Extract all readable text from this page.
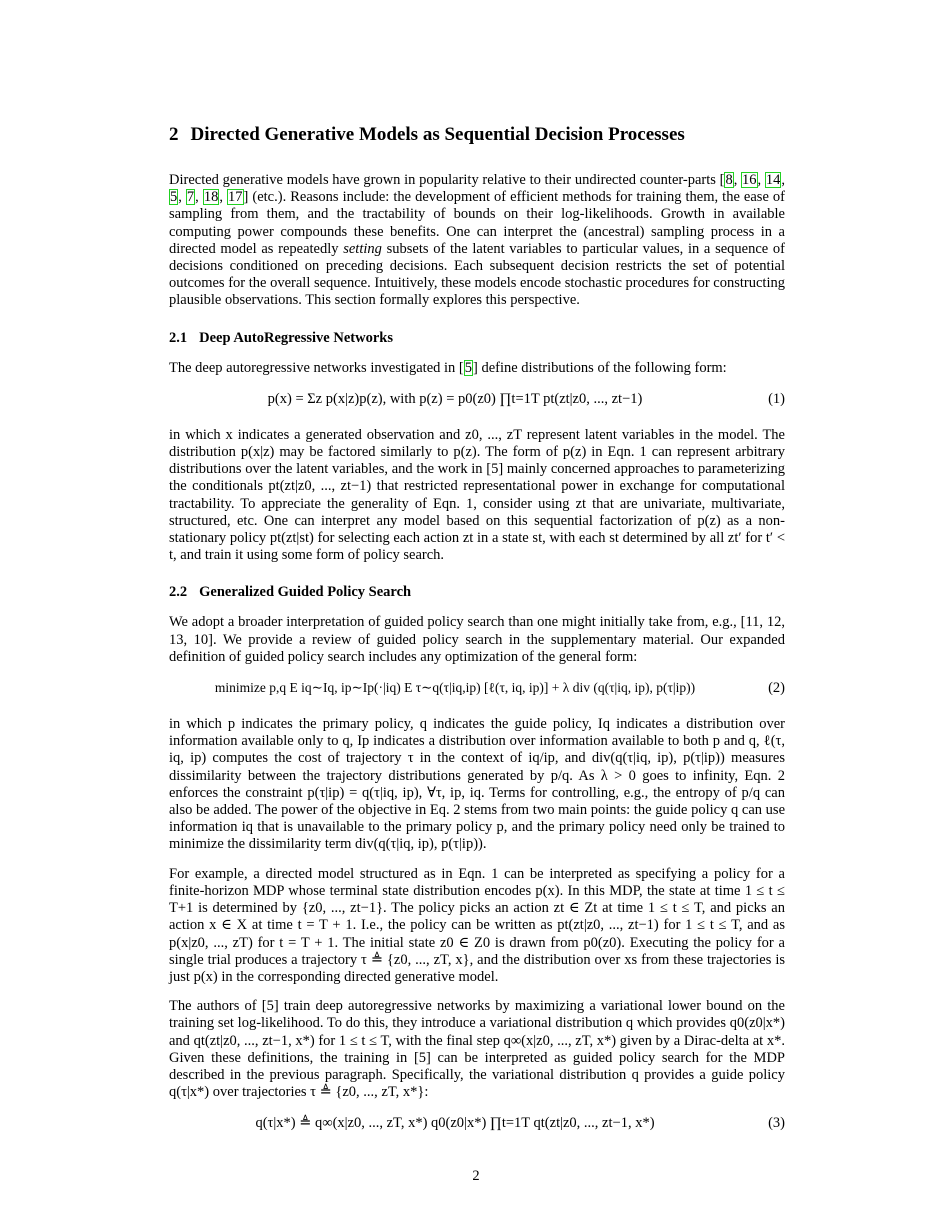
2 Directed Generative Models as Sequential Decision Processes

Directed generative models have grown in popularity relative to their undirected counter-parts [8, 16, 14, 5, 7, 18, 17] (etc.). Reasons include: the development of efficient methods for training them, the ease of sampling from them, and the tractability of bounds on their log-likelihoods. Growth in available computing power compounds these benefits. One can interpret the (ancestral) sampling process in a directed model as repeatedly setting subsets of the latent variables to particular values, in a sequence of decisions conditioned on preceding decisions. Each subsequent decision restricts the set of potential outcomes for the overall sequence. Intuitively, these models encode stochastic procedures for constructing plausible observations. This section formally explores this perspective.

2.1 Deep AutoRegressive Networks

The deep autoregressive networks investigated in [5] define distributions of the following form:

p(x) = Σz p(x|z)p(z), with p(z) = p0(z0) ∏t=1T pt(zt|z0, ..., zt−1)	(1)

in which x indicates a generated observation and z0, ..., zT represent latent variables in the model. The distribution p(x|z) may be factored similarly to p(z). The form of p(z) in Eqn. 1 can represent arbitrary distributions over the latent variables, and the work in [5] mainly concerned approaches to parameterizing the conditionals pt(zt|z0, ..., zt−1) that restricted representational power in exchange for computational tractability. To appreciate the generality of Eqn. 1, consider using zt that are univariate, multivariate, structured, etc. One can interpret any model based on this sequential factorization of p(z) as a non-stationary policy pt(zt|st) for selecting each action zt in a state st, with each st determined by all zt′ for t′ < t, and train it using some form of policy search.

2.2 Generalized Guided Policy Search

We adopt a broader interpretation of guided policy search than one might initially take from, e.g., [11, 12, 13, 10]. We provide a review of guided policy search in the supplementary material. Our expanded definition of guided policy search includes any optimization of the general form:

minimize p,q E iq∼Iq, ip∼Ip(·|iq) E τ∼q(τ|iq,ip) [ℓ(τ, iq, ip)] + λ div (q(τ|iq, ip), p(τ|ip))	(2)

in which p indicates the primary policy, q indicates the guide policy, Iq indicates a distribution over information available only to q, Ip indicates a distribution over information available to both p and q, ℓ(τ, iq, ip) computes the cost of trajectory τ in the context of iq/ip, and div(q(τ|iq, ip), p(τ|ip)) measures dissimilarity between the trajectory distributions generated by p/q. As λ > 0 goes to infinity, Eqn. 2 enforces the constraint p(τ|ip) = q(τ|iq, ip), ∀τ, ip, iq. Terms for controlling, e.g., the entropy of p/q can also be added. The power of the objective in Eq. 2 stems from two main points: the guide policy q can use information iq that is unavailable to the primary policy p, and the primary policy need only be trained to minimize the dissimilarity term div(q(τ|iq, ip), p(τ|ip)).

For example, a directed model structured as in Eqn. 1 can be interpreted as specifying a policy for a finite-horizon MDP whose terminal state distribution encodes p(x). In this MDP, the state at time 1 ≤ t ≤ T+1 is determined by {z0, ..., zt−1}. The policy picks an action zt ∈ Zt at time 1 ≤ t ≤ T, and picks an action x ∈ X at time t = T + 1. I.e., the policy can be written as pt(zt|z0, ..., zt−1) for 1 ≤ t ≤ T, and as p(x|z0, ..., zT) for t = T + 1. The initial state z0 ∈ Z0 is drawn from p0(z0). Executing the policy for a single trial produces a trajectory τ ≜ {z0, ..., zT, x}, and the distribution over xs from these trajectories is just p(x) in the corresponding directed generative model.

The authors of [5] train deep autoregressive networks by maximizing a variational lower bound on the training set log-likelihood. To do this, they introduce a variational distribution q which provides q0(z0|x*) and qt(zt|z0, ..., zt−1, x*) for 1 ≤ t ≤ T, with the final step q∞(x|z0, ..., zT, x*) given by a Dirac-delta at x*. Given these definitions, the training in [5] can be interpreted as guided policy search for the MDP described in the previous paragraph. Specifically, the variational distribution q provides a guide policy q(τ|x*) over trajectories τ ≜ {z0, ..., zT, x*}:

q(τ|x*) ≜ q∞(x|z0, ..., zT, x*) q0(z0|x*) ∏t=1T qt(zt|z0, ..., zt−1, x*)	(3)
2
